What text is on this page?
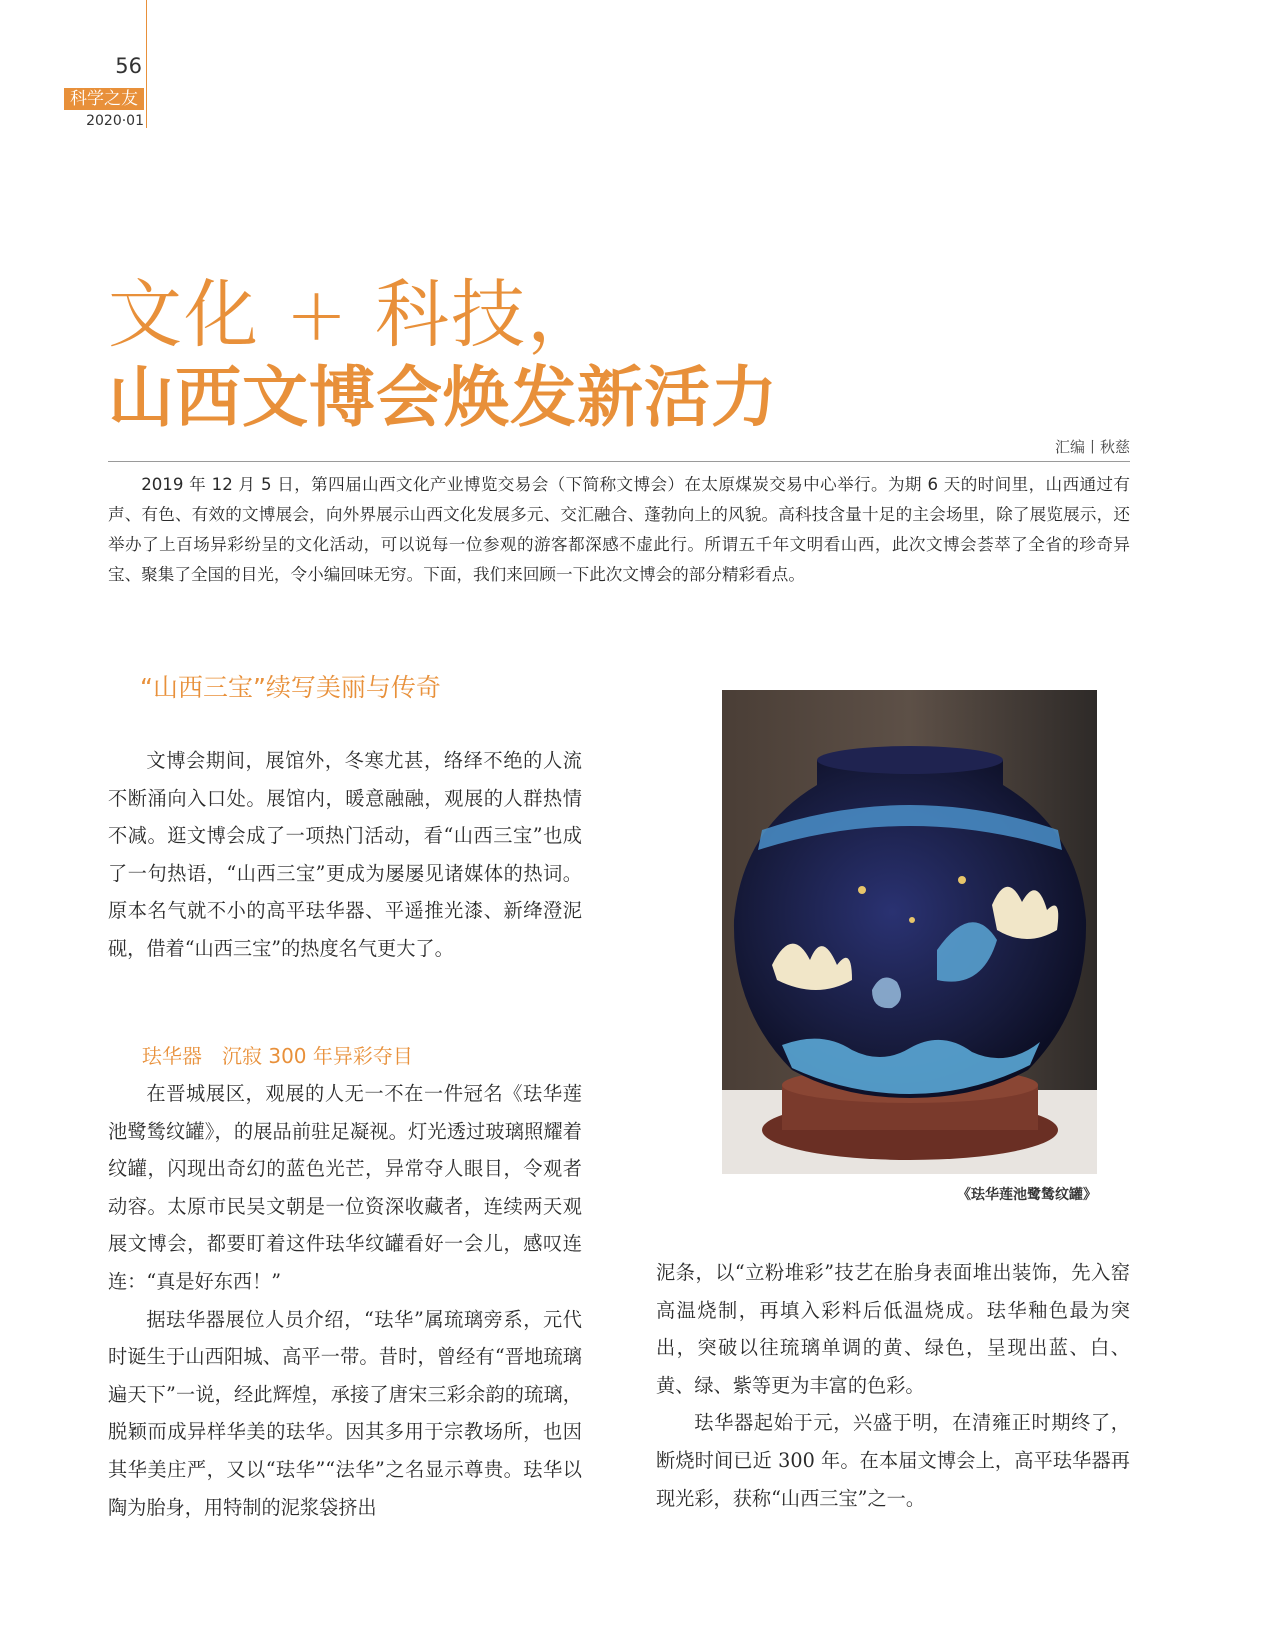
56
科学之友
2020·01
文化 + 科技，
山西文博会焕发新活力
汇编丨秋慈

2019 年 12 月 5 日，第四届山西文化产业博览交易会（下简称文博会）在太原煤炭交易中心举行。为期 6 天的时间里，山西通过有声、有色、有效的文博展会，向外界展示山西文化发展多元、交汇融合、蓬勃向上的风貌。高科技含量十足的主会场里，除了展览展示，还举办了上百场异彩纷呈的文化活动，可以说每一位参观的游客都深感不虚此行。所谓五千年文明看山西，此次文博会荟萃了全省的珍奇异宝、聚集了全国的目光，令小编回味无穷。下面，我们来回顾一下此次文博会的部分精彩看点。

“山西三宝”续写美丽与传奇

文博会期间，展馆外，冬寒尤甚，络绎不绝的人流不断涌向入口处。展馆内，暖意融融，观展的人群热情不减。逛文博会成了一项热门活动，看“山西三宝”也成了一句热语，“山西三宝”更成为屡屡见诸媒体的热词。原本名气就不小的高平珐华器、平遥推光漆、新绛澄泥砚，借着“山西三宝”的热度名气更大了。

珐华器　沉寂 300 年异彩夺目

在晋城展区，观展的人无一不在一件冠名《珐华莲池鹭鸶纹罐》，的展品前驻足凝视。灯光透过玻璃照耀着纹罐，闪现出奇幻的蓝色光芒，异常夺人眼目，令观者动容。太原市民吴文朝是一位资深收藏者，连续两天观展文博会，都要盯着这件珐华纹罐看好一会儿，感叹连连：“真是好东西！”

据珐华器展位人员介绍，“珐华”属琉璃旁系，元代时诞生于山西阳城、高平一带。昔时，曾经有“晋地琉璃遍天下”一说，经此辉煌，承接了唐宋三彩余韵的琉璃，脱颖而成异样华美的珐华。因其多用于宗教场所，也因其华美庄严，又以“珐华”“法华”之名显示尊贵。珐华以陶为胎身，用特制的泥浆袋挤出

《珐华莲池鹭鸶纹罐》

泥条，以“立粉堆彩”技艺在胎身表面堆出装饰，先入窑高温烧制，再填入彩料后低温烧成。珐华釉色最为突出，突破以往琉璃单调的黄、绿色，呈现出蓝、白、黄、绿、紫等更为丰富的色彩。

珐华器起始于元，兴盛于明，在清雍正时期终了，断烧时间已近 300 年。在本届文博会上，高平珐华器再现光彩，获称“山西三宝”之一。
